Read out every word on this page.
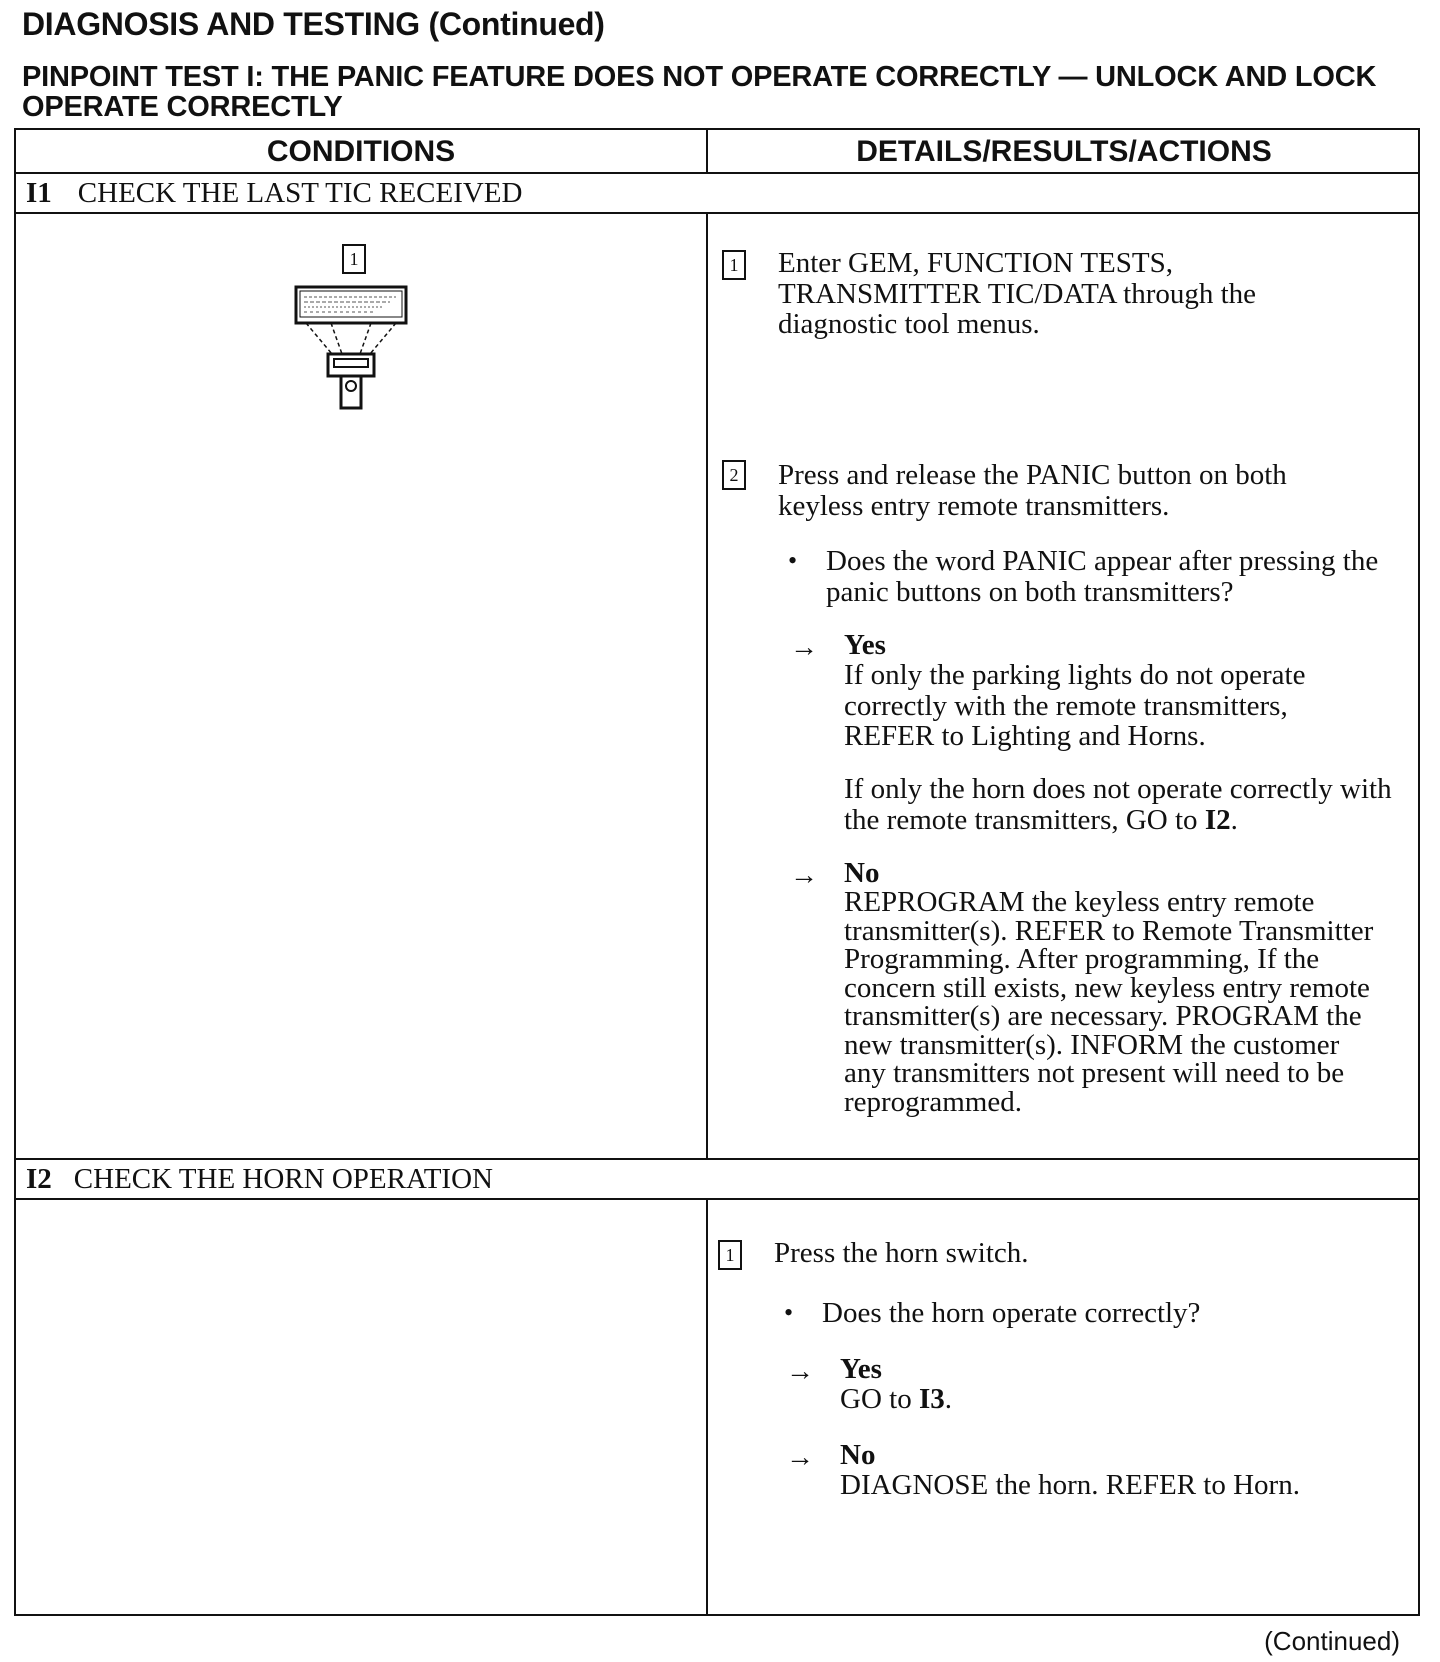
DIAGNOSIS AND TESTING (Continued)
PINPOINT TEST I: THE PANIC FEATURE DOES NOT OPERATE CORRECTLY — UNLOCK AND LOCK OPERATE CORRECTLY
CONDITIONS	DETAILS/RESULTS/ACTIONS
I1 CHECK THE LAST TIC RECEIVED
1	1 Enter GEM, FUNCTION TESTS, TRANSMITTER TIC/DATA through the diagnostic tool menus.
2 Press and release the PANIC button on both keyless entry remote transmitters.
• Does the word PANIC appear after pressing the panic buttons on both transmitters?
→ Yes
If only the parking lights do not operate correctly with the remote transmitters, REFER to Lighting and Horns.
If only the horn does not operate correctly with the remote transmitters, GO to I2.
→ No
REPROGRAM the keyless entry remote transmitter(s). REFER to Remote Transmitter Programming. After programming, If the concern still exists, new keyless entry remote transmitter(s) are necessary. PROGRAM the new transmitter(s). INFORM the customer any transmitters not present will need to be reprogrammed.
I2 CHECK THE HORN OPERATION
1 Press the horn switch.
• Does the horn operate correctly?
→ Yes
GO to I3.
→ No
DIAGNOSE the horn. REFER to Horn.
(Continued)
